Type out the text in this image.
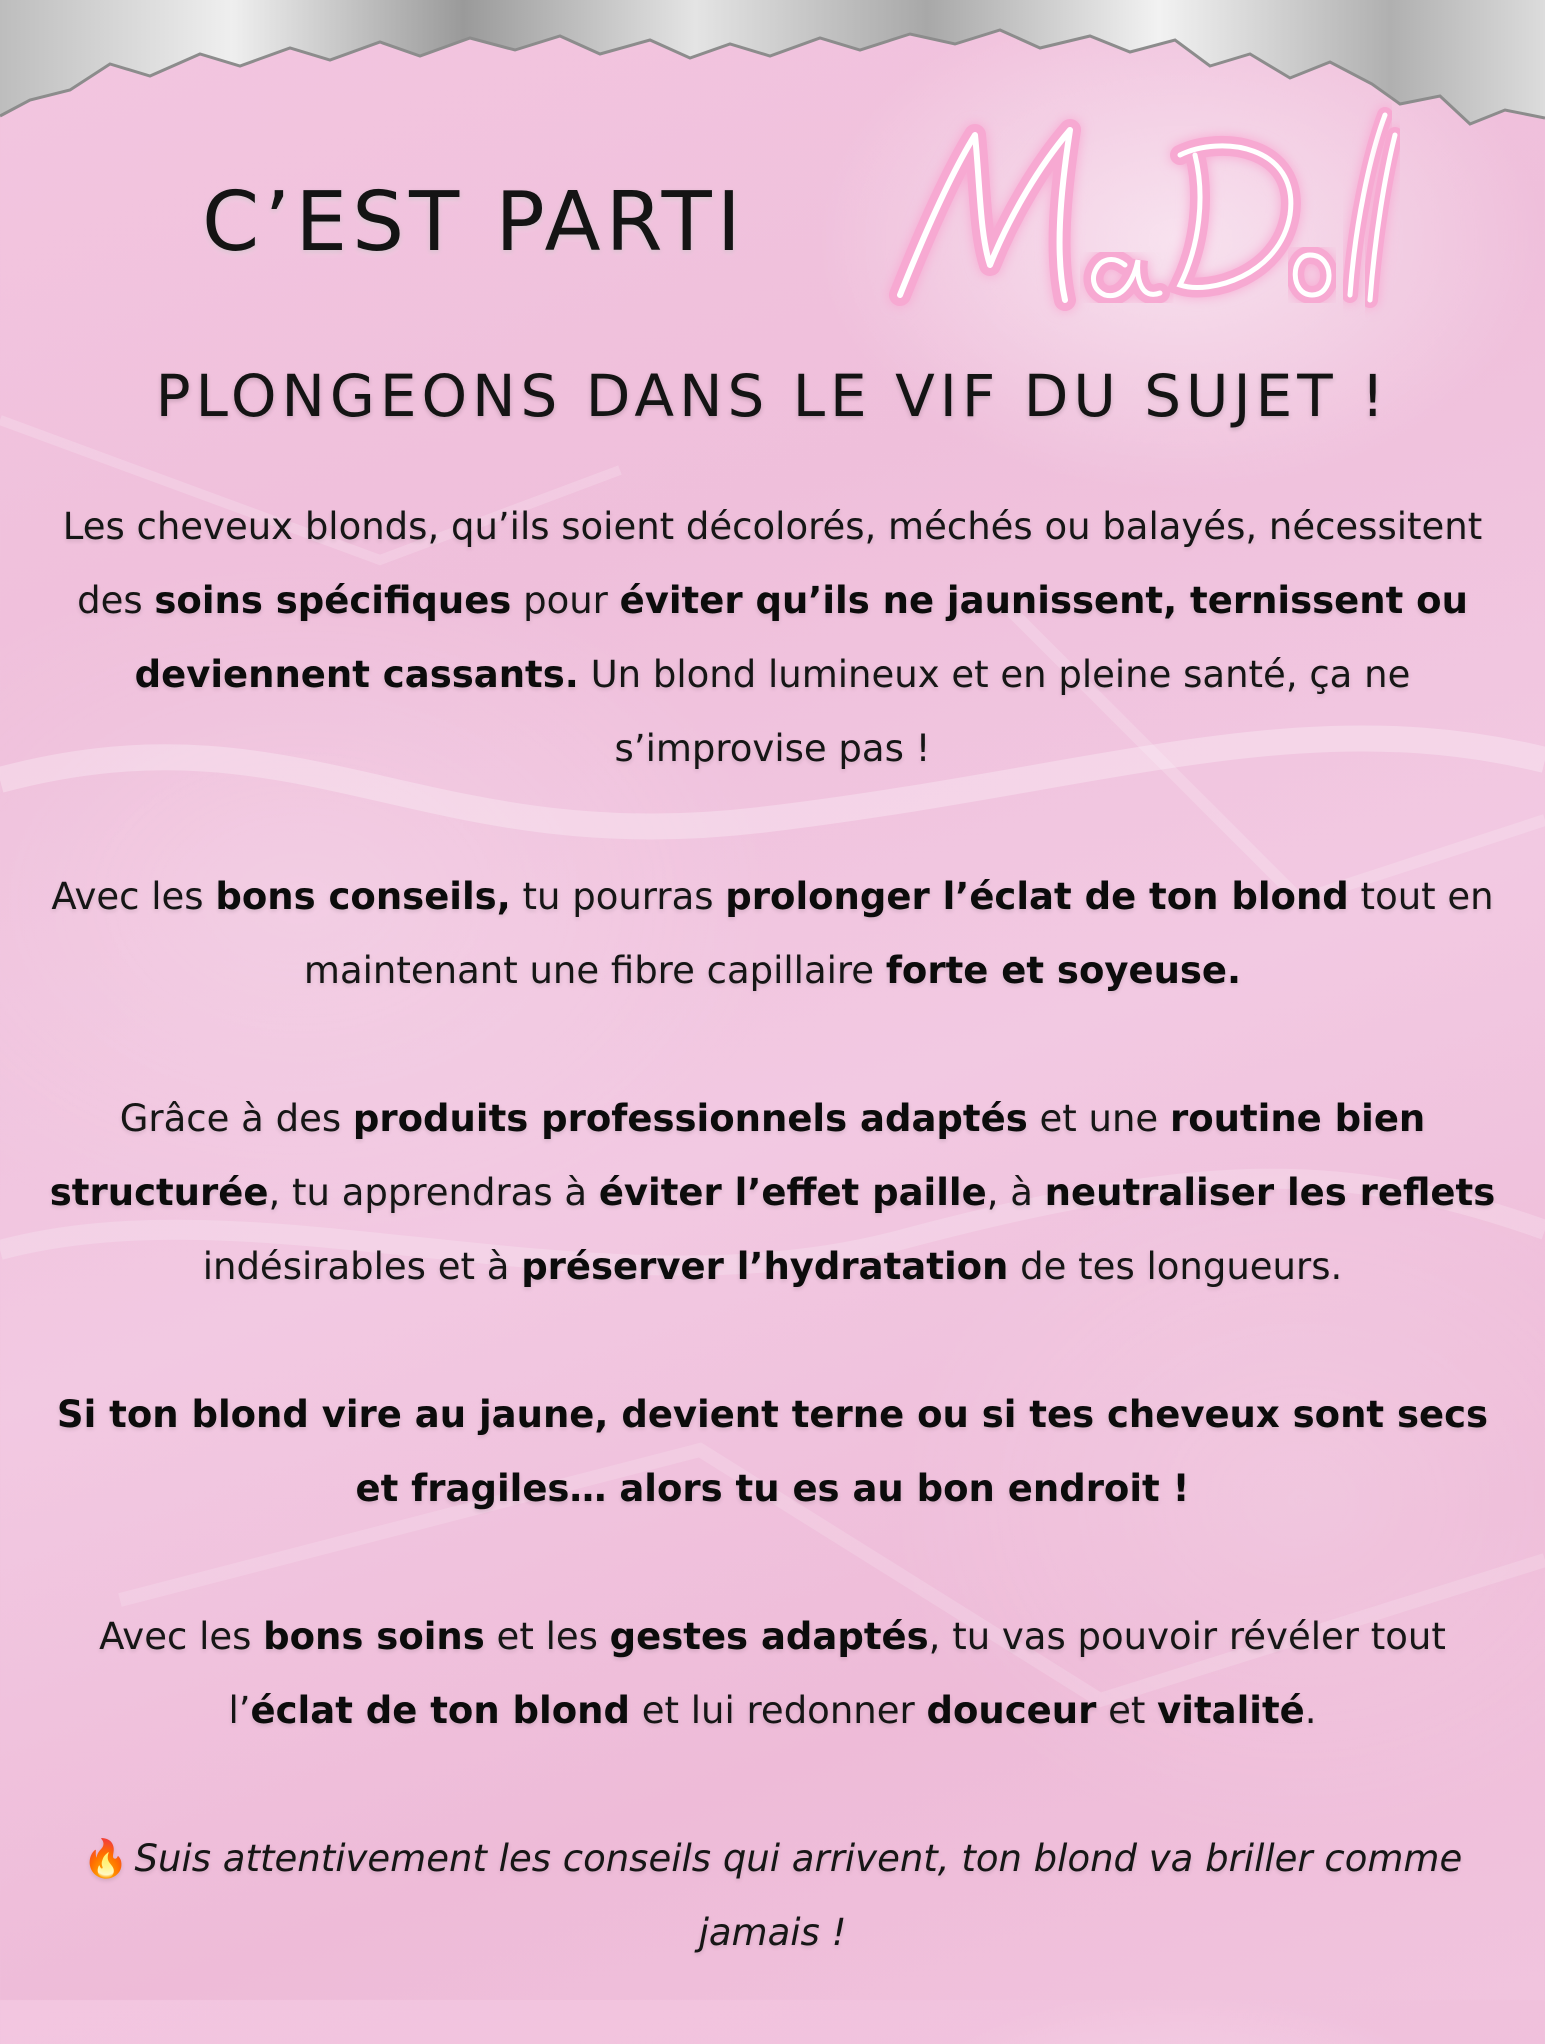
C’EST PARTI
PLONGEONS DANS LE VIF DU SUJET !

Les cheveux blonds, qu’ils soient décolorés, méchés ou balayés, nécessitent des soins spécifiques pour éviter qu’ils ne jaunissent, ternissent ou deviennent cassants. Un blond lumineux et en pleine santé, ça ne s’improvise pas !

Avec les bons conseils, tu pourras prolonger l’éclat de ton blond tout en maintenant une fibre capillaire forte et soyeuse.

Grâce à des produits professionnels adaptés et une routine bien structurée, tu apprendras à éviter l’effet paille, à neutraliser les reflets indésirables et à préserver l’hydratation de tes longueurs.

Si ton blond vire au jaune, devient terne ou si tes cheveux sont secs et fragiles… alors tu es au bon endroit !

Avec les bons soins et les gestes adaptés, tu vas pouvoir révéler tout l’éclat de ton blond et lui redonner douceur et vitalité.

🔥 Suis attentivement les conseils qui arrivent, ton blond va briller comme jamais !
